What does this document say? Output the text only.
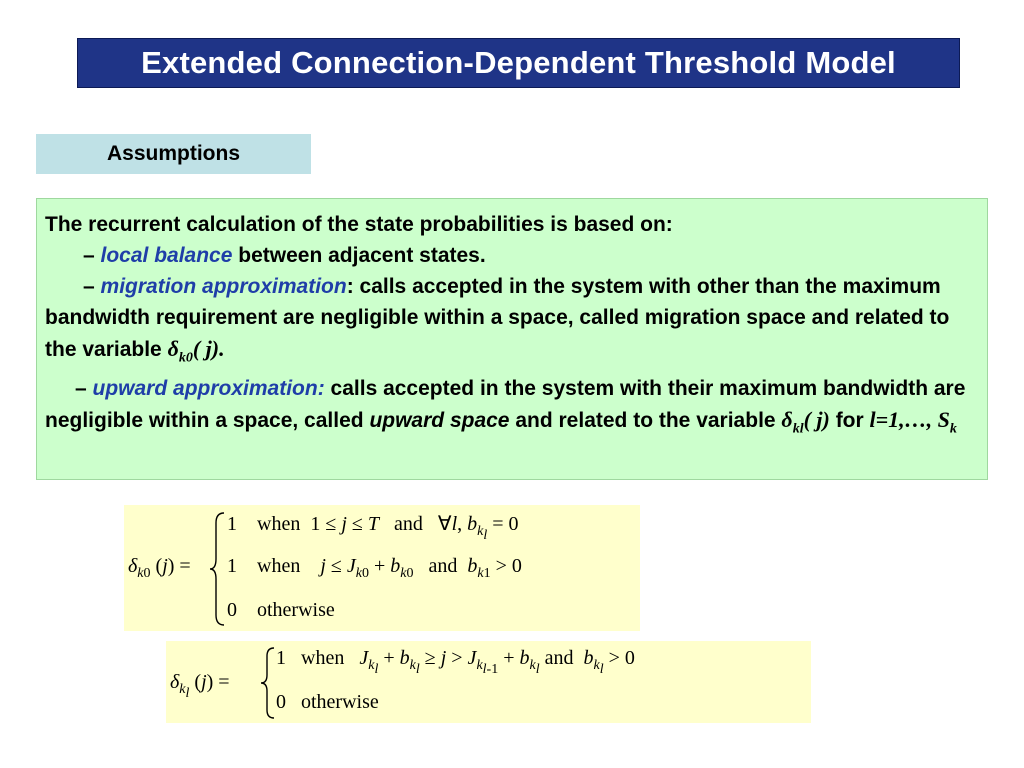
Extended Connection-Dependent Threshold Model
Assumptions

The recurrent calculation of the state probabilities is based on:

– local balance between adjacent states.

– migration approximation: calls accepted in the system with other than the maximum bandwidth requirement are negligible within a space, called migration space and related to the variable $\delta_{k0}$( j).

– upward approximation: calls accepted in the system with their maximum bandwidth are negligible within a space, called upward space and related to the variable $\delta_{kl}$( j) for l=1,…, $S_k$

$\delta_{k0}$ (j) =
1 when 1 ≤ j ≤ T and ∀l, $b_{k_l} = 0$
1 when $j \le J_{k0} + b_{k0}$ and $b_{k1} > 0$
0 otherwise
$\delta_{k_l}$ (j) =
1 when $J_{k_l} + b_{k_l} \ge j > J_{k_{l-1}} + b_{k_l}$ and $b_{k_l} > 0$
0 otherwise
